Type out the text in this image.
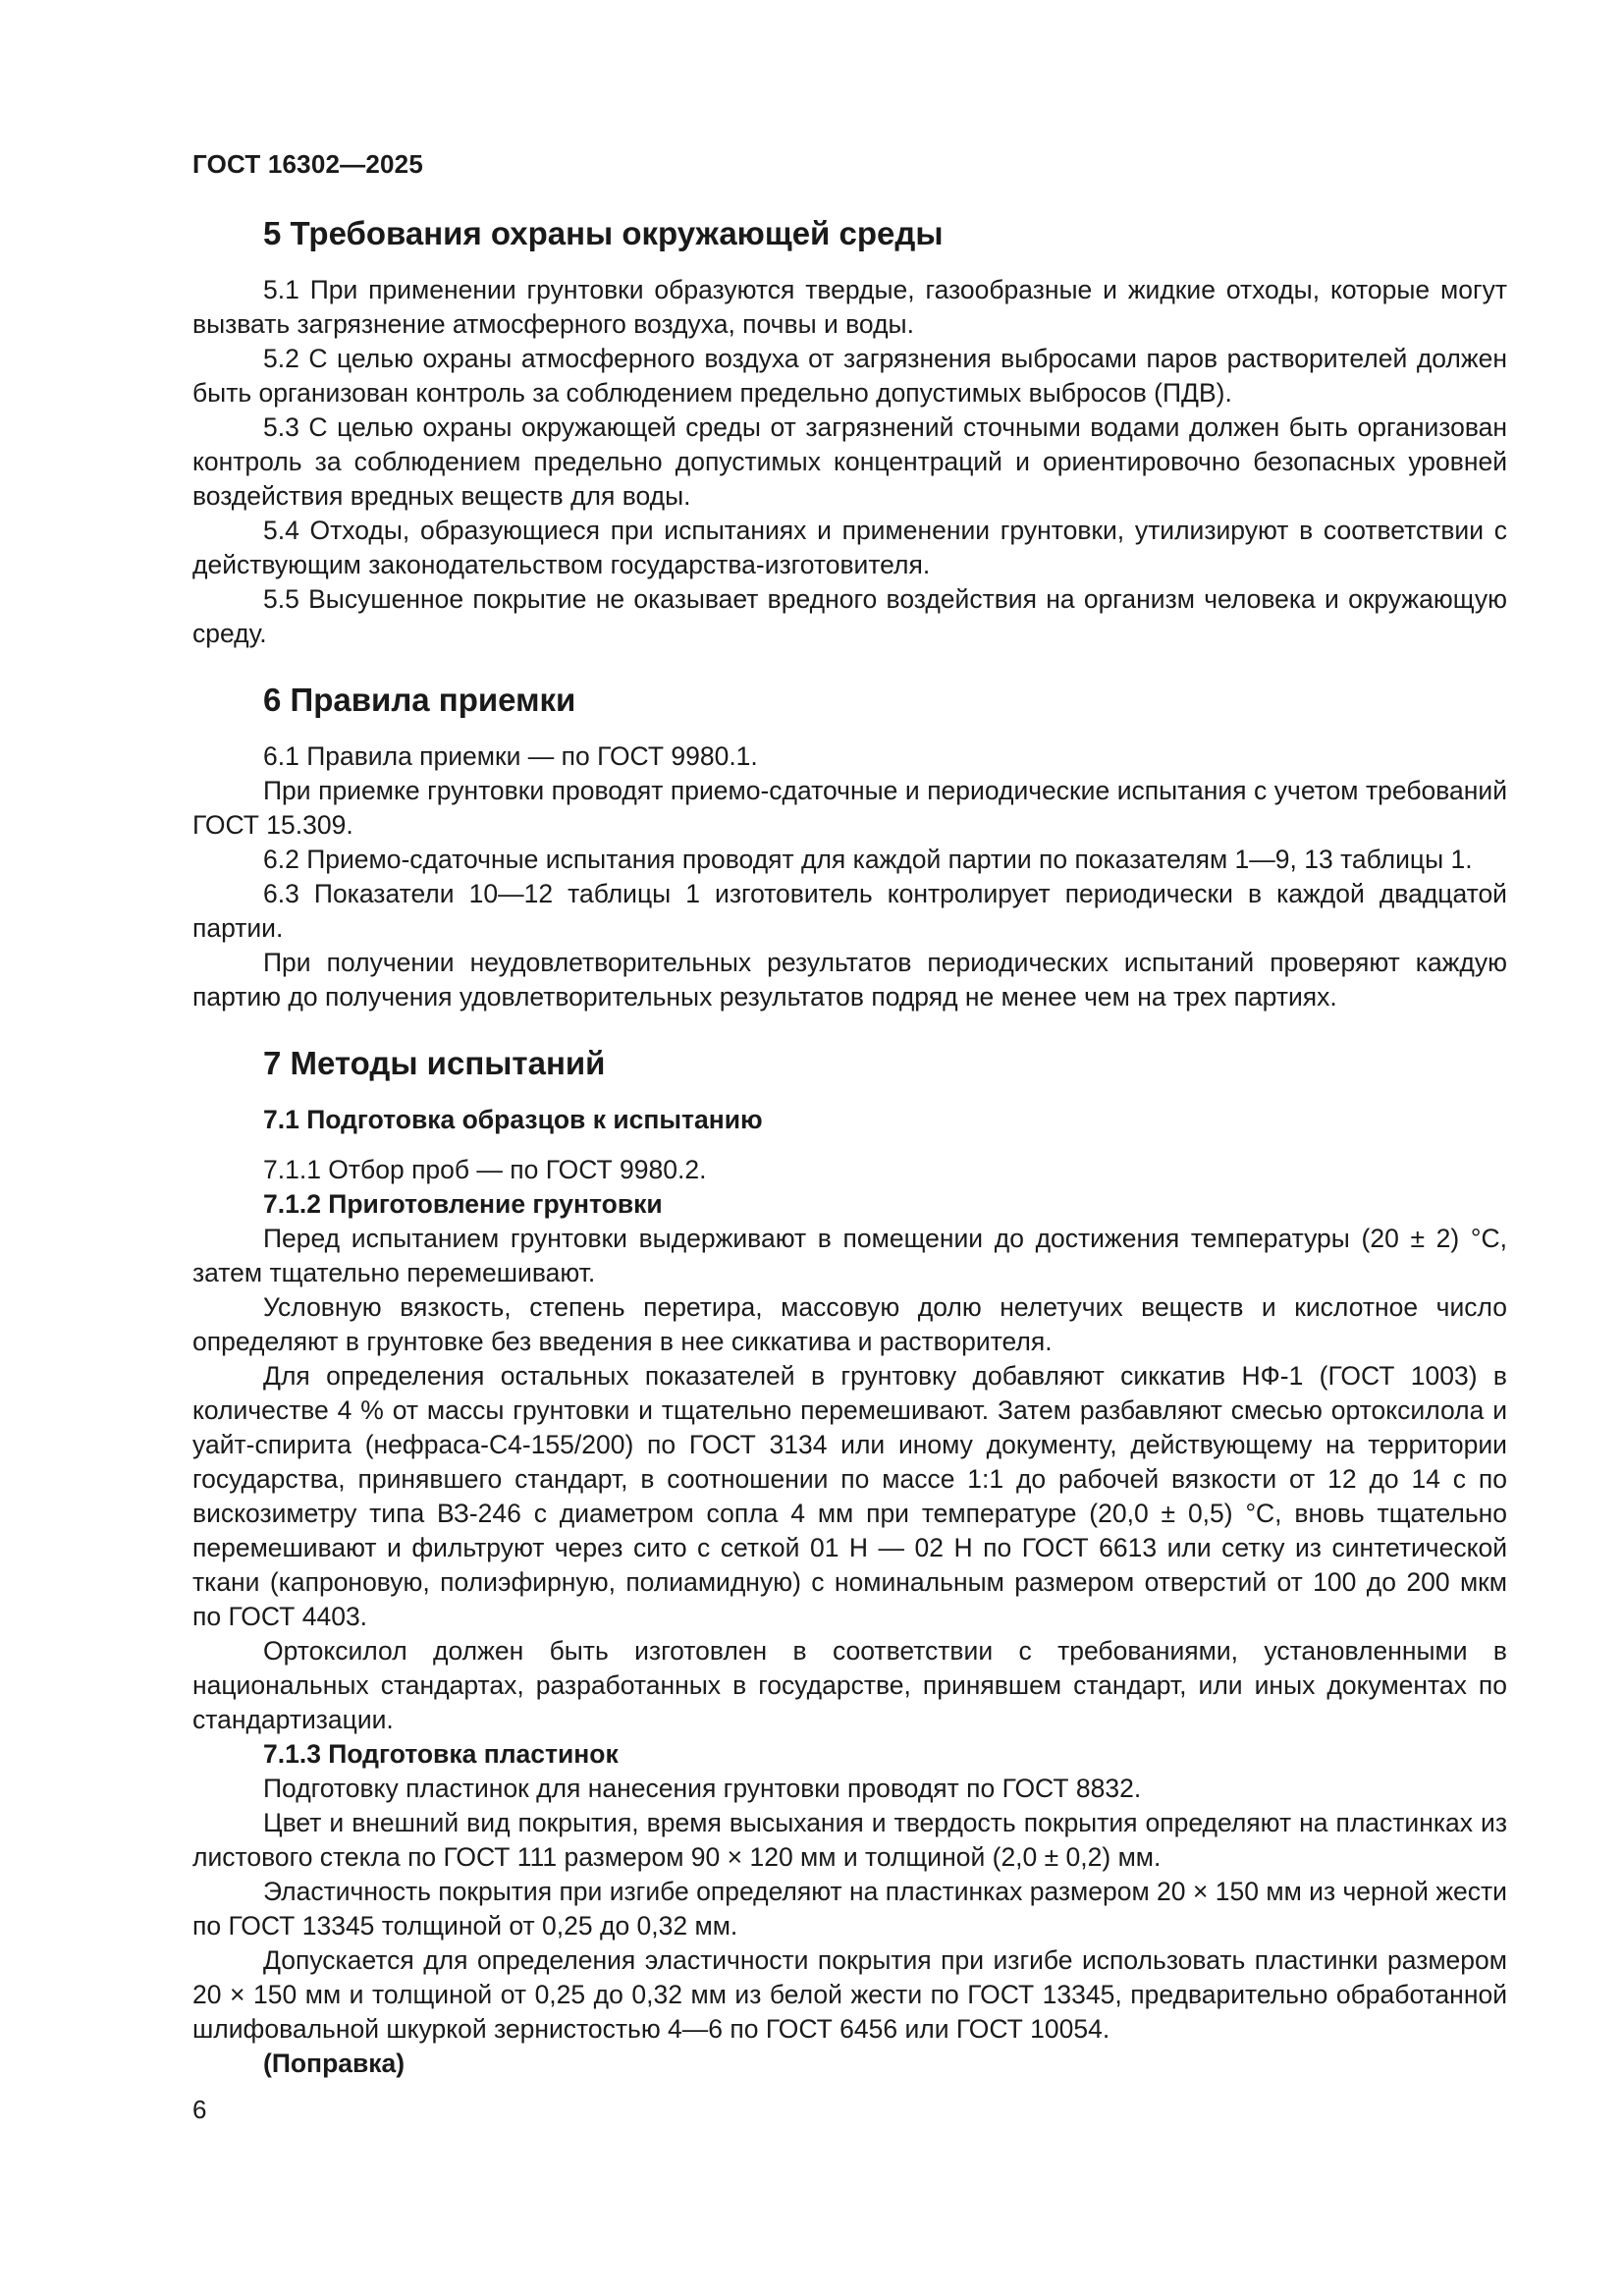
ГОСТ 16302—2025
5 Требования охраны окружающей среды

5.1 При применении грунтовки образуются твердые, газообразные и жидкие отходы, которые могут вызвать загрязнение атмосферного воздуха, почвы и воды.

5.2 С целью охраны атмосферного воздуха от загрязнения выбросами паров растворителей должен быть организован контроль за соблюдением предельно допустимых выбросов (ПДВ).

5.3 С целью охраны окружающей среды от загрязнений сточными водами должен быть организован контроль за соблюдением предельно допустимых концентраций и ориентировочно безопасных уровней воздействия вредных веществ для воды.

5.4 Отходы, образующиеся при испытаниях и применении грунтовки, утилизируют в соответствии с действующим законодательством государства-изготовителя.

5.5 Высушенное покрытие не оказывает вредного воздействия на организм человека и окружающую среду.

6 Правила приемки

6.1 Правила приемки — по ГОСТ 9980.1.

При приемке грунтовки проводят приемо-сдаточные и периодические испытания с учетом требований ГОСТ 15.309.

6.2 Приемо-сдаточные испытания проводят для каждой партии по показателям 1—9, 13 таблицы 1.

6.3 Показатели 10—12 таблицы 1 изготовитель контролирует периодически в каждой двадцатой партии.

При получении неудовлетворительных результатов периодических испытаний проверяют каждую партию до получения удовлетворительных результатов подряд не менее чем на трех партиях.

7 Методы испытаний
7.1 Подготовка образцов к испытанию

7.1.1 Отбор проб — по ГОСТ 9980.2.

7.1.2 Приготовление грунтовки

Перед испытанием грунтовки выдерживают в помещении до достижения температуры (20 ± 2) °С, затем тщательно перемешивают.

Условную вязкость, степень перетира, массовую долю нелетучих веществ и кислотное число определяют в грунтовке без введения в нее сиккатива и растворителя.

Для определения остальных показателей в грунтовку добавляют сиккатив НФ-1 (ГОСТ 1003) в количестве 4 % от массы грунтовки и тщательно перемешивают. Затем разбавляют смесью ортоксилола и уайт-спирита (нефраса-С4-155/200) по ГОСТ 3134 или иному документу, действующему на территории государства, принявшего стандарт, в соотношении по массе 1:1 до рабочей вязкости от 12 до 14 с по вискозиметру типа ВЗ-246 с диаметром сопла 4 мм при температуре (20,0 ± 0,5) °С, вновь тщательно перемешивают и фильтруют через сито с сеткой 01 Н — 02 Н по ГОСТ 6613 или сетку из синтетической ткани (капроновую, полиэфирную, полиамидную) с номинальным размером отверстий от 100 до 200 мкм по ГОСТ 4403.

Ортоксилол должен быть изготовлен в соответствии с требованиями, установленными в национальных стандартах, разработанных в государстве, принявшем стандарт, или иных документах по стандартизации.

7.1.3 Подготовка пластинок

Подготовку пластинок для нанесения грунтовки проводят по ГОСТ 8832.

Цвет и внешний вид покрытия, время высыхания и твердость покрытия определяют на пластинках из листового стекла по ГОСТ 111 размером 90 × 120 мм и толщиной (2,0 ± 0,2) мм.

Эластичность покрытия при изгибе определяют на пластинках размером 20 × 150 мм из черной жести по ГОСТ 13345 толщиной от 0,25 до 0,32 мм.

Допускается для определения эластичности покрытия при изгибе использовать пластинки размером 20 × 150 мм и толщиной от 0,25 до 0,32 мм из белой жести по ГОСТ 13345, предварительно обработанной шлифовальной шкуркой зернистостью 4—6 по ГОСТ 6456 или ГОСТ 10054.

(Поправка)

6
